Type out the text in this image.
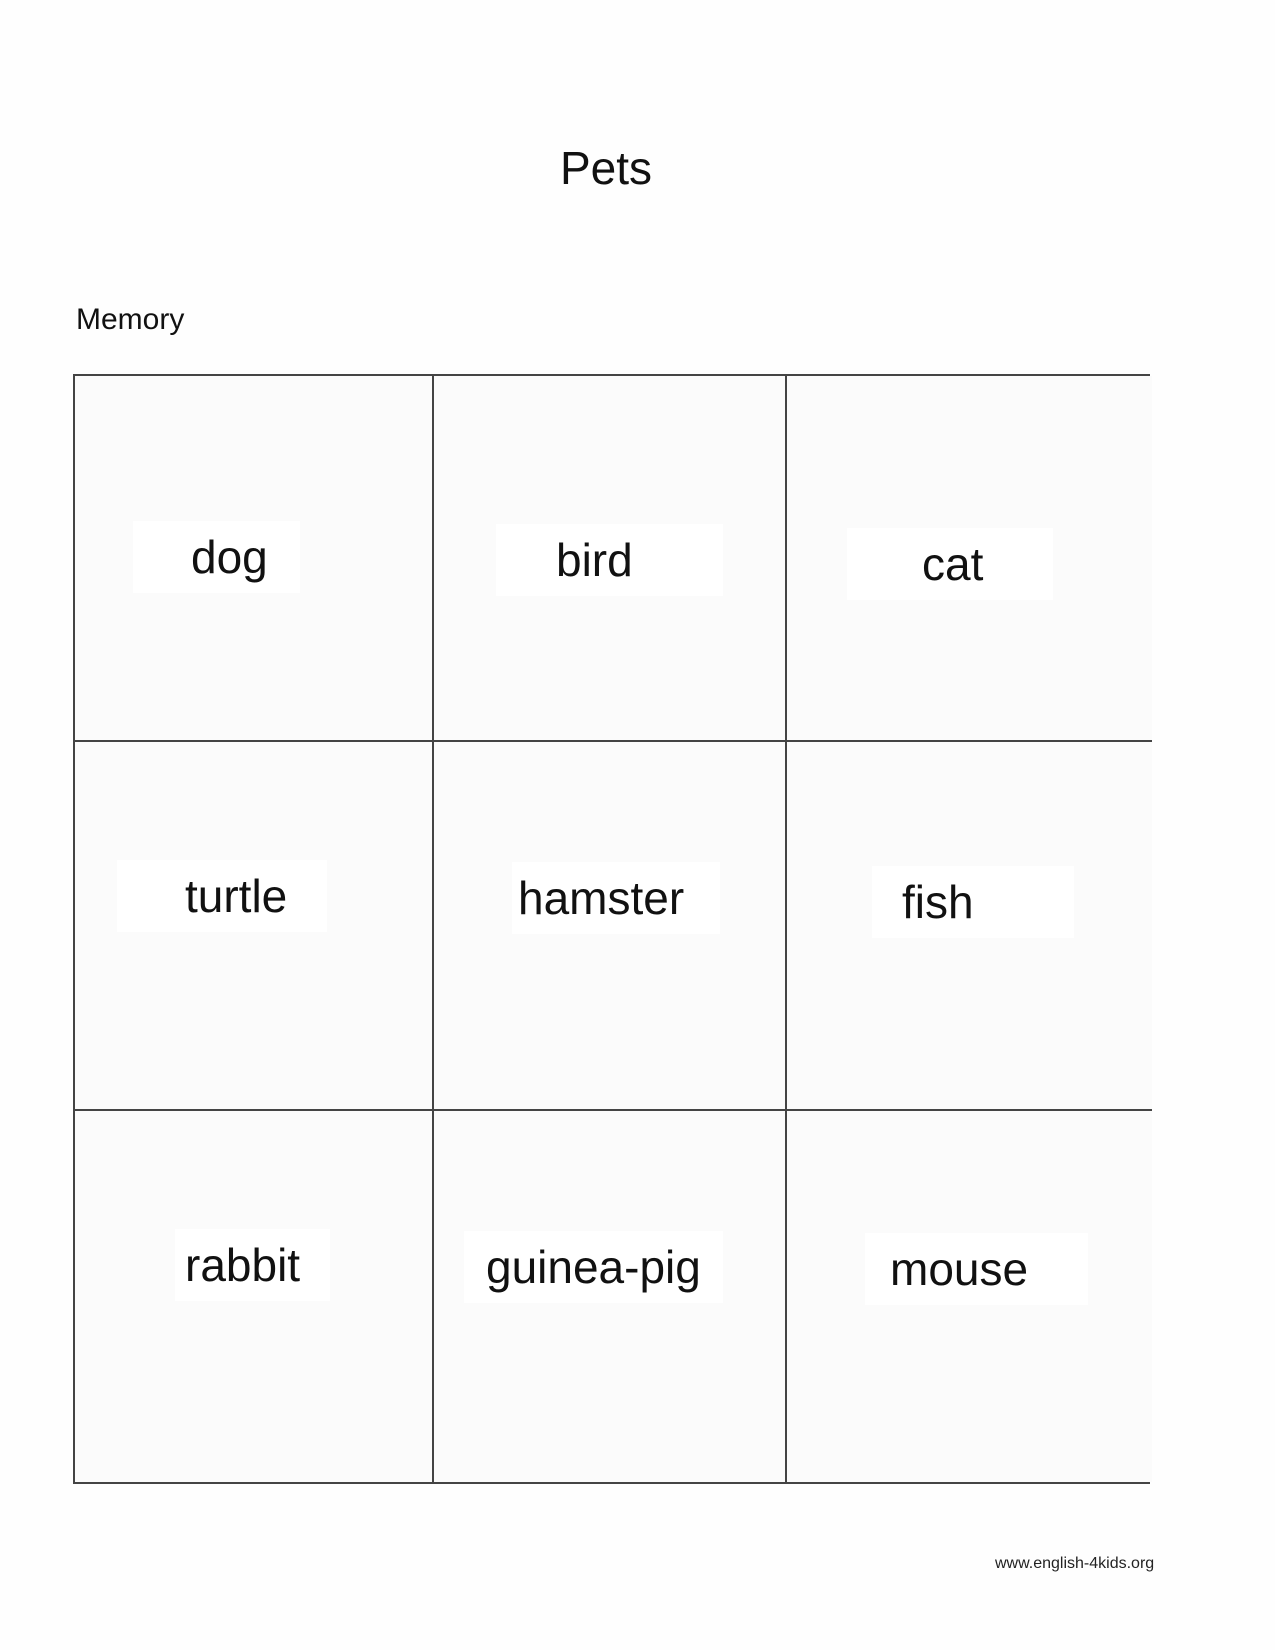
Pets
Memory
dog	bird	cat
turtle	hamster	fish
rabbit	guinea-pig	mouse
www.english-4kids.org
